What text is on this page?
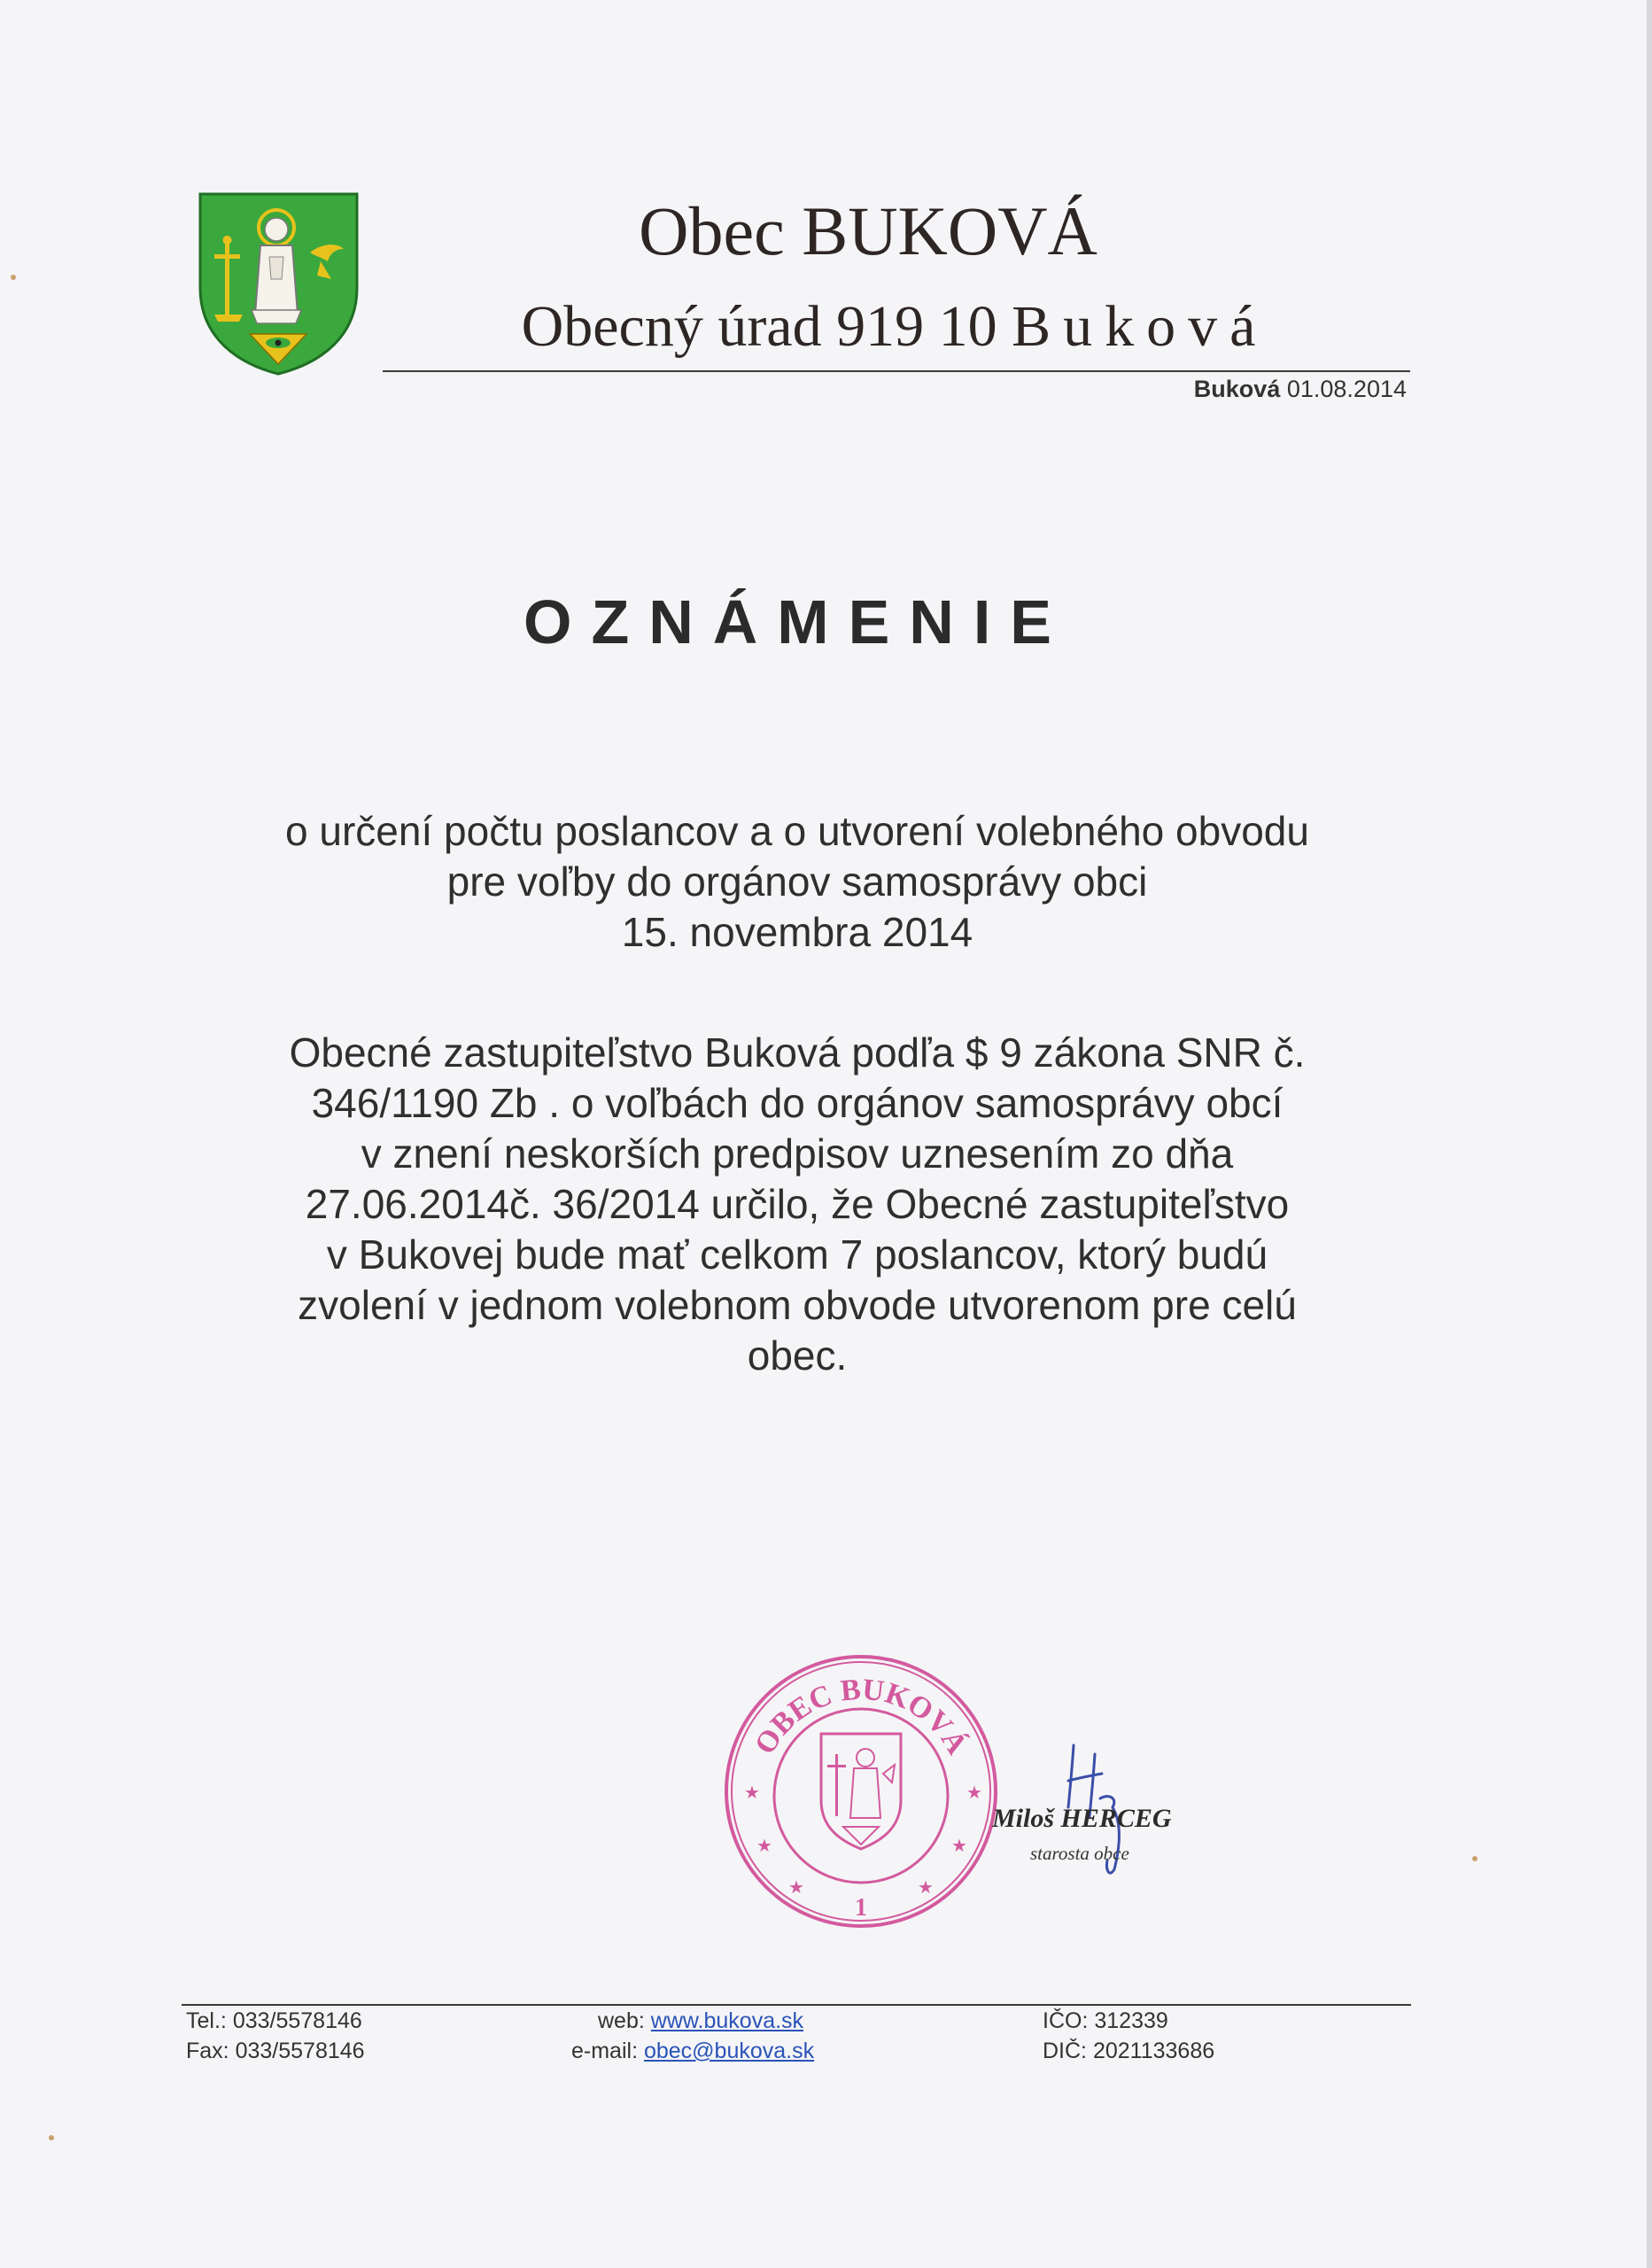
Obec BUKOVÁ
Obecný úrad 919 10 Buková
Buková 01.08.2014
OZNÁMENIE
o určení počtu poslancov a o utvorení volebného obvodu
pre voľby do orgánov samosprávy obci
15. novembra 2014
Obecné zastupiteľstvo Buková podľa $ 9 zákona SNR č.
346/1190 Zb . o voľbách do orgánov samosprávy obcí
v znení neskorších predpisov uznesením zo dňa
27.06.2014č. 36/2014 určilo, že Obecné zastupiteľstvo
v Bukovej bude mať celkom 7 poslancov, ktorý budú
zvolení v jednom volebnom obvode utvorenom pre celú
obec.
OBEC BUKOVÁ
★	★
★	★
★	★
1
Miloš HERCEG
starosta obce
Tel.: 033/5578146
Fax: 033/5578146
web: www.bukova.sk
e-mail: obec@bukova.sk
IČO: 312339
DIČ: 2021133686
